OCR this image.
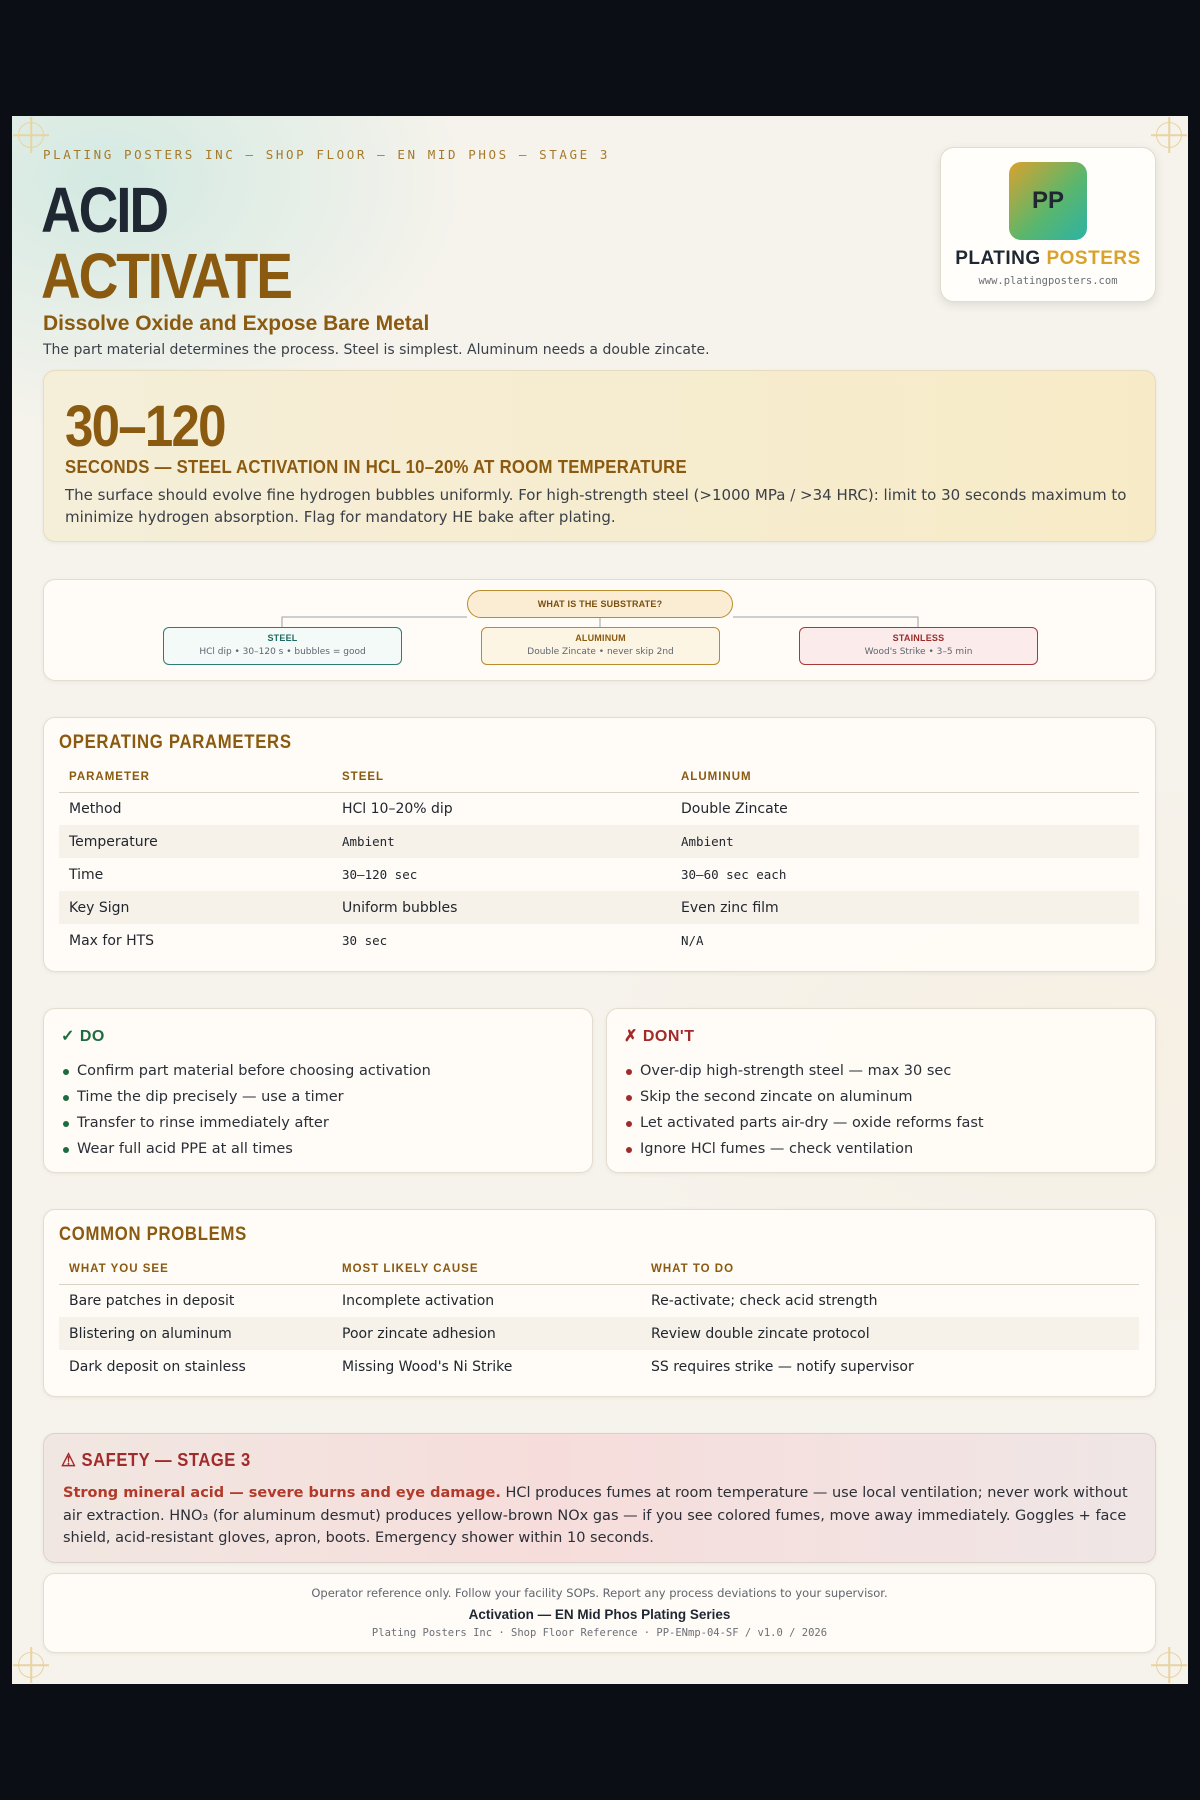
PLATING POSTERS INC — SHOP FLOOR — EN MID PHOS — STAGE 3
ACID
ACTIVATE
Dissolve Oxide and Expose Bare Metal
The part material determines the process. Steel is simplest. Aluminum needs a double zincate.
PP
PLATING POSTERS
www.platingposters.com
30–120
SECONDS — STEEL ACTIVATION IN HCL 10–20% AT ROOM TEMPERATURE
The surface should evolve fine hydrogen bubbles uniformly. For high-strength steel (>1000 MPa / >34 HRC): limit to 30 seconds maximum to minimize hydrogen absorption. Flag for mandatory HE bake after plating.
WHAT IS THE SUBSTRATE?
STEEL
HCl dip • 30–120 s • bubbles = good
ALUMINUM
Double Zincate • never skip 2nd
STAINLESS
Wood's Strike • 3–5 min
OPERATING PARAMETERS
PARAMETER	STEEL	ALUMINUM
Method	HCl 10–20% dip	Double Zincate
Temperature	Ambient	Ambient
Time	30–120 sec	30–60 sec each
Key Sign	Uniform bubbles	Even zinc film
Max for HTS	30 sec	N/A
✓ DO
Confirm part material before choosing activation
Time the dip precisely — use a timer
Transfer to rinse immediately after
Wear full acid PPE at all times
✗ DON'T
Over-dip high-strength steel — max 30 sec
Skip the second zincate on aluminum
Let activated parts air-dry — oxide reforms fast
Ignore HCl fumes — check ventilation
COMMON PROBLEMS
WHAT YOU SEE	MOST LIKELY CAUSE	WHAT TO DO
Bare patches in deposit	Incomplete activation	Re-activate; check acid strength
Blistering on aluminum	Poor zincate adhesion	Review double zincate protocol
Dark deposit on stainless	Missing Wood's Ni Strike	SS requires strike — notify supervisor
⚠ SAFETY — STAGE 3
Strong mineral acid — severe burns and eye damage. HCl produces fumes at room temperature — use local ventilation; never work without air extraction. HNO₃ (for aluminum desmut) produces yellow-brown NOx gas — if you see colored fumes, move away immediately. Goggles + face shield, acid-resistant gloves, apron, boots. Emergency shower within 10 seconds.
Operator reference only. Follow your facility SOPs. Report any process deviations to your supervisor.
Activation — EN Mid Phos Plating Series
Plating Posters Inc · Shop Floor Reference · PP-ENmp-04-SF / v1.0 / 2026
